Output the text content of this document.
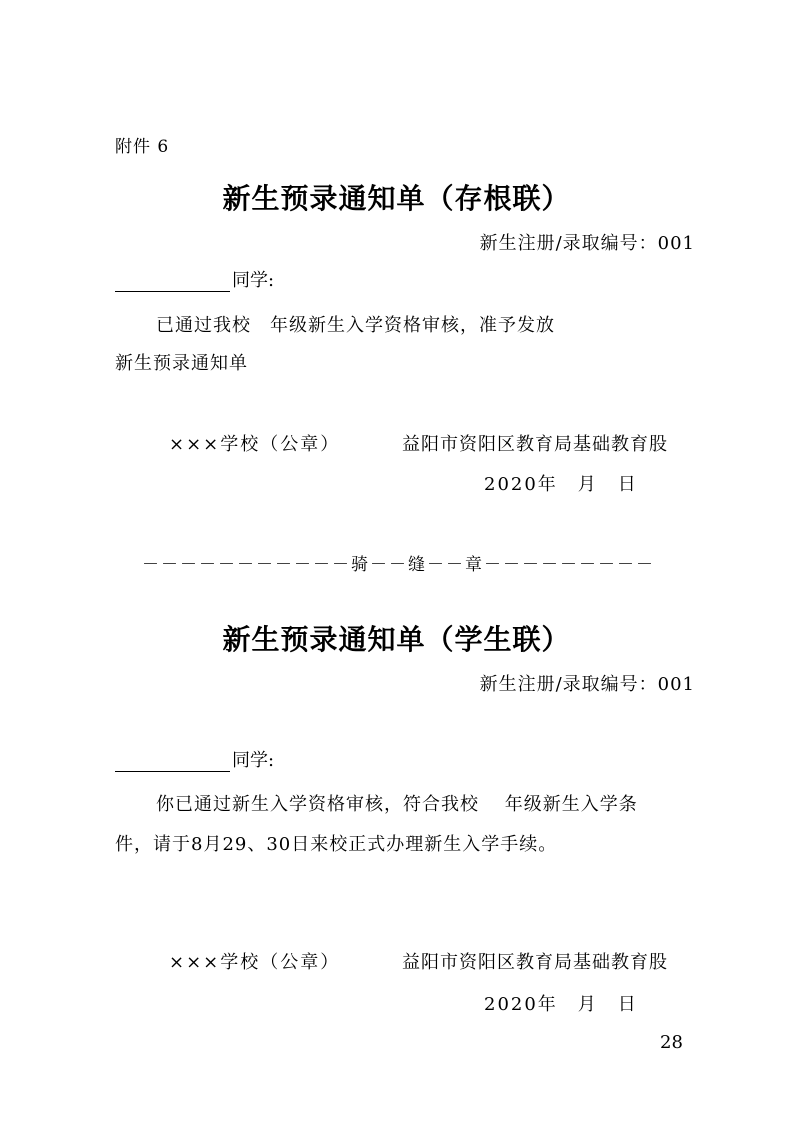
附件 6
新生预录通知单（存根联）
新生注册/录取编号：001
同学:
已通过我校　年级新生入学资格审核，准予发放
新生预录通知单
×××学校（公章）	益阳市资阳区教育局基础教育股
2020年　月　日
－－－－－－－－－－－骑－－缝－－章－－－－－－－－－
新生预录通知单（学生联）
新生注册/录取编号：001
同学:
你已通过新生入学资格审核，符合我校　 年级新生入学条
件，请于8月29、30日来校正式办理新生入学手续。
×××学校（公章）	益阳市资阳区教育局基础教育股
2020年　月　日
28
